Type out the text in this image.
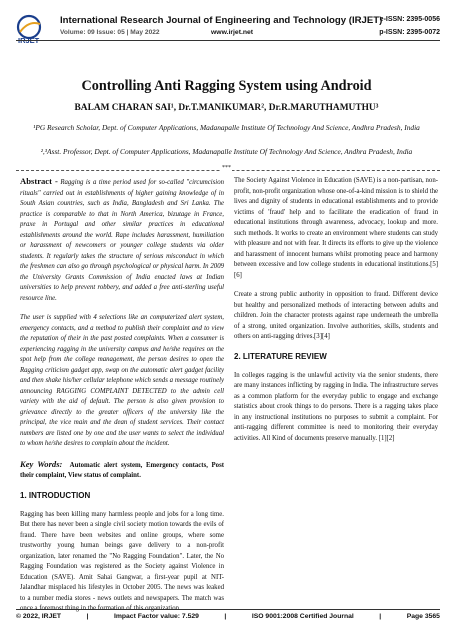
IRJET
International Research Journal of Engineering and Technology (IRJET)
Volume: 09 Issue: 05 | May 2022	www.irjet.net
e-ISSN: 2395-0056
p-ISSN: 2395-0072
Controlling Anti Ragging System using Android
BALAM CHARAN SAI¹, Dr.T.MANIKUMAR², Dr.R.MARUTHAMUTHU³
¹PG Research Scholar, Dept. of Computer Applications, Madanapalle Institute Of Technology And Science, Andhra Pradesh, India
²,³Asst. Professor, Dept. of Computer Applications, Madanapalle Institute Of Technology And Science, Andhra Pradesh, India
***

Abstract - Ragging is a time period used for so-called "circumcision rituals" carried out in establishments of higher gaining knowledge of in South Asian countries, such as India, Bangladesh and Sri Lanka. The practice is comparable to that in North America, bizutage in France, praxe in Portugal and other similar practices in educational establishments around the world. Rape includes harassment, humiliation or harassment of newcomers or younger college students via older students. It regularly takes the structure of serious misconduct in which the freshmen can also go through psychological or physical harm. In 2009 the University Grants Commission of India enacted laws at Indian universities to help prevent robbery, and added a free anti-sterling useful resource line.

The user is supplied with 4 selections like an computerized alert system, emergency contacts, and a method to publish their complaint and to view the reputation of their in the past posted complaints. When a consumer is experiencing ragging in the university campus and he/she requires on the spot help from the college management, the person desires to open the Ragging criticism gadget app, swap on the automatic alert gadget facility and then shake his/her cellular telephone which sends a message routinely announcing RAGGING COMPLAINT DETECTED to the admin cell variety with the aid of default. The person is also given provision to grievance directly to the greater officers of the university like the principal, the vice main and the dean of student services. Their contact numbers are listed one by one and the user wants to select the individual to whom he/she desires to complain about the incident.

Key Words: Automatic alert system, Emergency contacts, Post their complaint, View status of complaint.

1. INTRODUCTION

Ragging has been killing many harmless people and jobs for a long time. But there has never been a single civil society motion towards the evils of fraud. There have been websites and online groups, where some trustworthy young human beings gave delivery to a non-profit organization, later renamed the "No Ragging Foundation". Later, the No Ragging Foundation was registered as the Society against Violence in Education (SAVE). Amit Sahai Gangwar, a first-year pupil at NIT-Jalandhar misplaced his lifestyles in October 2005. The news was leaked to a number media stores - news outlets and newspapers. The match was once a foremost thing in the formation of this organization.

The Society Against Violence in Education (SAVE) is a non-partisan, non-profit, non-profit organization whose one-of-a-kind mission is to shield the lives and dignity of students in educational establishments and to provide victims of 'fraud' help and to facilitate the eradication of fraud in educational institutions through awareness, advocacy, lookup and more. such methods. It works to create an environment where students can study with pleasure and not with fear. It directs its efforts to give up the violence and harassment of innocent humans whilst promoting peace and harmony between excessive and low college students in educational institutions.[5][6]

Create a strong public authority in opposition to fraud. Different device but healthy and personalized methods of interacting between adults and children. Join the character protests against rape underneath the umbrella of a strong, united organization. Involve authorities, skills, students and others on anti-ragging drives.[3][4]

2. LITERATURE REVIEW

In colleges ragging is the unlawful activity via the senior students, there are many instances inflicting by ragging in India. The infrastructure serves as a common platform for the everyday public to engage and exchange statistics about crook things to do persons. There is a ragging takes place in any instructional institutions no purposes to submit a complaint. For anti-ragging different committee is need to monitoring their everyday activities. All Kind of documents preserve manually. [1][2]

© 2022, IRJET	|	Impact Factor value: 7.529	|	ISO 9001:2008 Certified Journal	|	Page 3565
